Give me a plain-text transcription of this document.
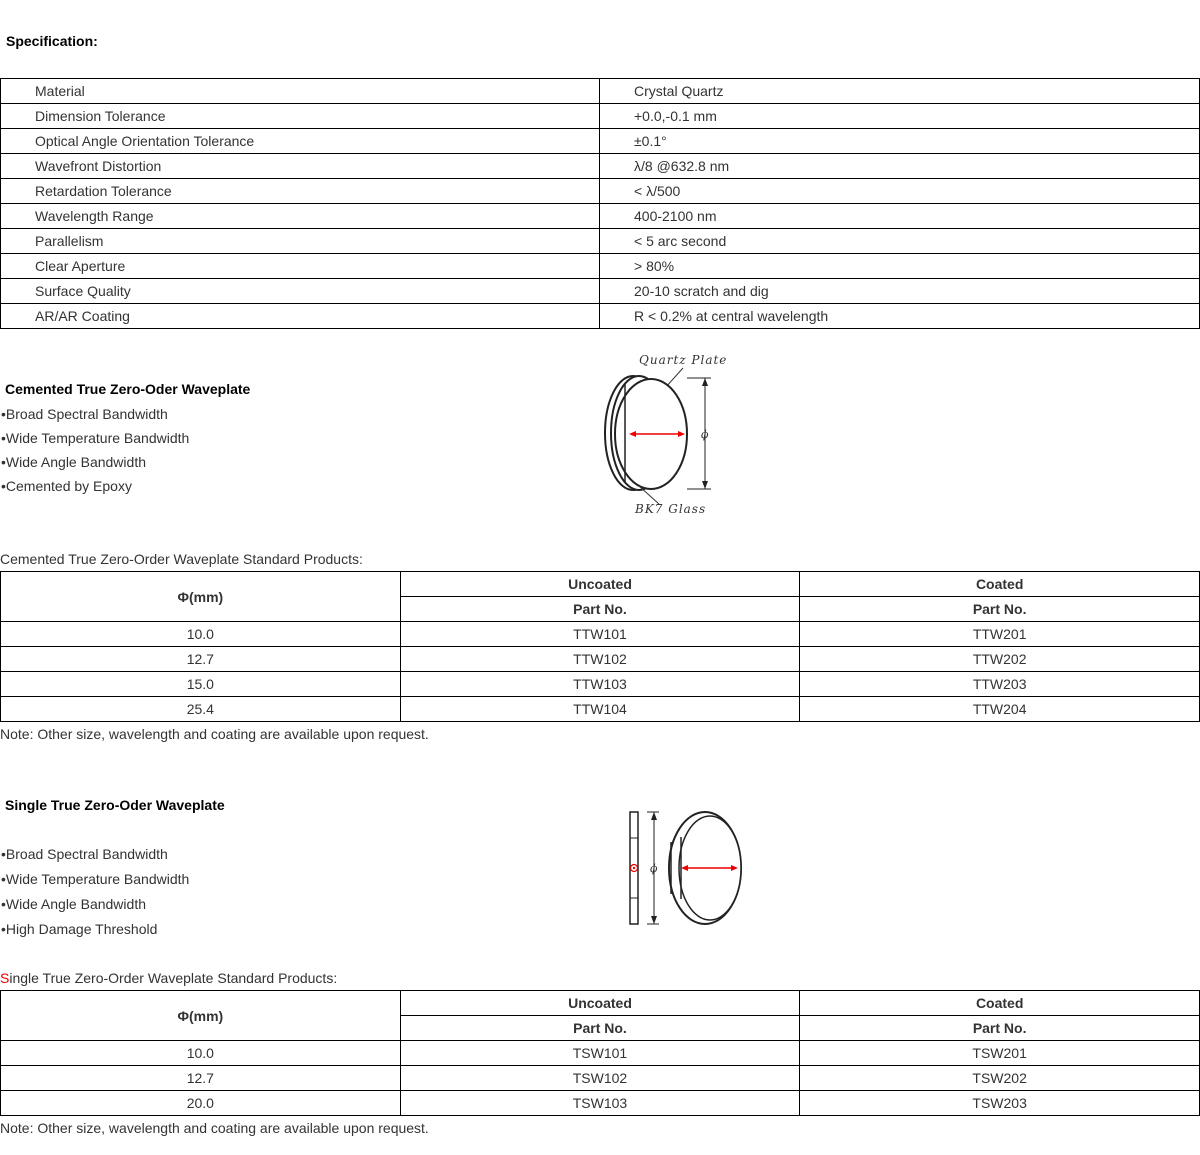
Specification:
Material	Crystal Quartz
Dimension Tolerance	+0.0,-0.1 mm
Optical Angle Orientation Tolerance	±0.1°
Wavefront Distortion	λ/8 @632.8 nm
Retardation Tolerance	< λ/500
Wavelength Range	400-2100 nm
Parallelism	< 5 arc second
Clear Aperture	> 80%
Surface Quality	20-10 scratch and dig
AR/AR Coating	R < 0.2% at central wavelength
Cemented True Zero-Oder Waveplate
•Broad Spectral Bandwidth
•Wide Temperature Bandwidth
•Wide Angle Bandwidth
•Cemented by Epoxy
Quartz Plate
ϕ
BK7 Glass
Cemented True Zero-Order Waveplate Standard Products:
Φ(mm)	Uncoated	Coated
	Part No.	Part No.
10.0	TTW101	TTW201
12.7	TTW102	TTW202
15.0	TTW103	TTW203
25.4	TTW104	TTW204
Note: Other size, wavelength and coating are available upon request.
Single True Zero-Oder Waveplate
•Broad Spectral Bandwidth
•Wide Temperature Bandwidth
•Wide Angle Bandwidth
•High Damage Threshold
ϕ
Single True Zero-Order Waveplate Standard Products:
Φ(mm)	Uncoated	Coated
	Part No.	Part No.
10.0	TSW101	TSW201
12.7	TSW102	TSW202
20.0	TSW103	TSW203
Note: Other size, wavelength and coating are available upon request.
